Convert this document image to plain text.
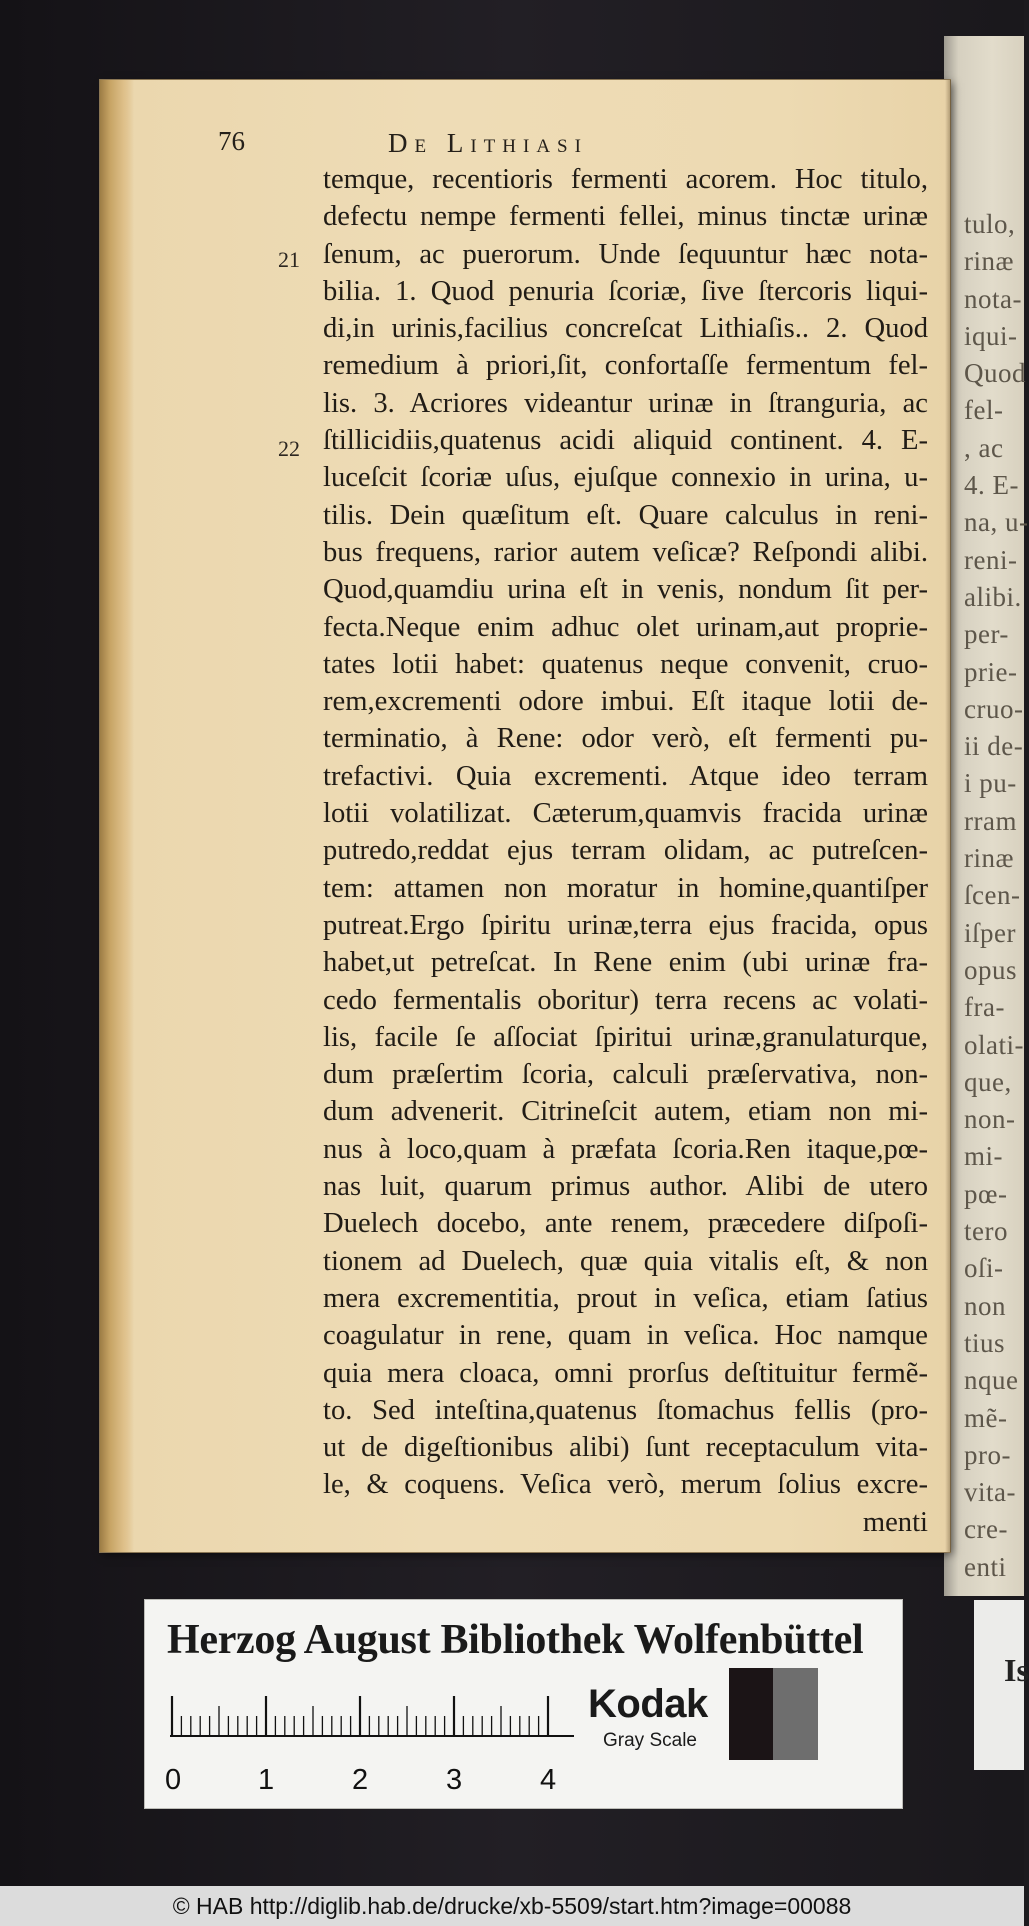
tulo,
rinæ
nota-
iqui-
Quod
fel-
, ac
4. E-
na, u-
reni-
alibi.
per-
prie-
cruo-
ii de-
i pu-
rram
rinæ
ſcen-
iſper
opus
fra-
olati-
que,
non-
mi-
pœ-
tero
oſi-
non
tius
nque
mẽ-
pro-
vita-
cre-
enti
Is
76	De Lithiasi
21
22
temque, recentioris fermenti acorem. Hoc titulo,
defectu nempe fermenti fellei, minus tinctæ urinæ
ſenum, ac puerorum. Unde ſequuntur hæc nota-
bilia. 1. Quod penuria ſcoriæ, ſive ſtercoris liqui-
di,in urinis,facilius concreſcat Lithiaſis.. 2. Quod
remedium à priori,ſit, confortaſſe fermentum fel-
lis. 3. Acriores videantur urinæ in ſtranguria, ac
ſtillicidiis,quatenus acidi aliquid continent. 4. E-
luceſcit ſcoriæ uſus, ejuſque connexio in urina, u-
tilis. Dein quæſitum eſt. Quare calculus in reni-
bus frequens, rarior autem veſicæ? Reſpondi alibi.
Quod,quamdiu urina eſt in venis, nondum ſit per-
fecta.Neque enim adhuc olet urinam,aut proprie-
tates lotii habet: quatenus neque convenit, cruo-
rem,excrementi odore imbui. Eſt itaque lotii de-
terminatio, à Rene: odor verò, eſt fermenti pu-
trefactivi. Quia excrementi. Atque ideo terram
lotii volatilizat. Cæterum,quamvis fracida urinæ
putredo,reddat ejus terram olidam, ac putreſcen-
tem: attamen non moratur in homine,quantiſper
putreat.Ergo ſpiritu urinæ,terra ejus fracida, opus
habet,ut petreſcat. In Rene enim (ubi urinæ fra-
cedo fermentalis oboritur) terra recens ac volati-
lis, facile ſe aſſociat ſpiritui urinæ,granulaturque,
dum præſertim ſcoria, calculi præſervativa, non-
dum advenerit. Citrineſcit autem, etiam non mi-
nus à loco,quam à præfata ſcoria.Ren itaque,pœ-
nas luit, quarum primus author. Alibi de utero
Duelech docebo, ante renem, præcedere diſpoſi-
tionem ad Duelech, quæ quia vitalis eſt, & non
mera excrementitia, prout in veſica, etiam ſatius
coagulatur in rene, quam in veſica. Hoc namque
quia mera cloaca, omni prorſus deſtituitur fermẽ-
to. Sed inteſtina,quatenus ſtomachus fellis (pro-
ut de digeſtionibus alibi) ſunt receptaculum vita-
le, & coquens. Veſica verò, merum ſolius excre-
menti
Herzog August Bibliothek Wolfenbüttel
0	1	2	3	4
Kodak
Gray Scale
© HAB http://diglib.hab.de/drucke/xb-5509/start.htm?image=00088
